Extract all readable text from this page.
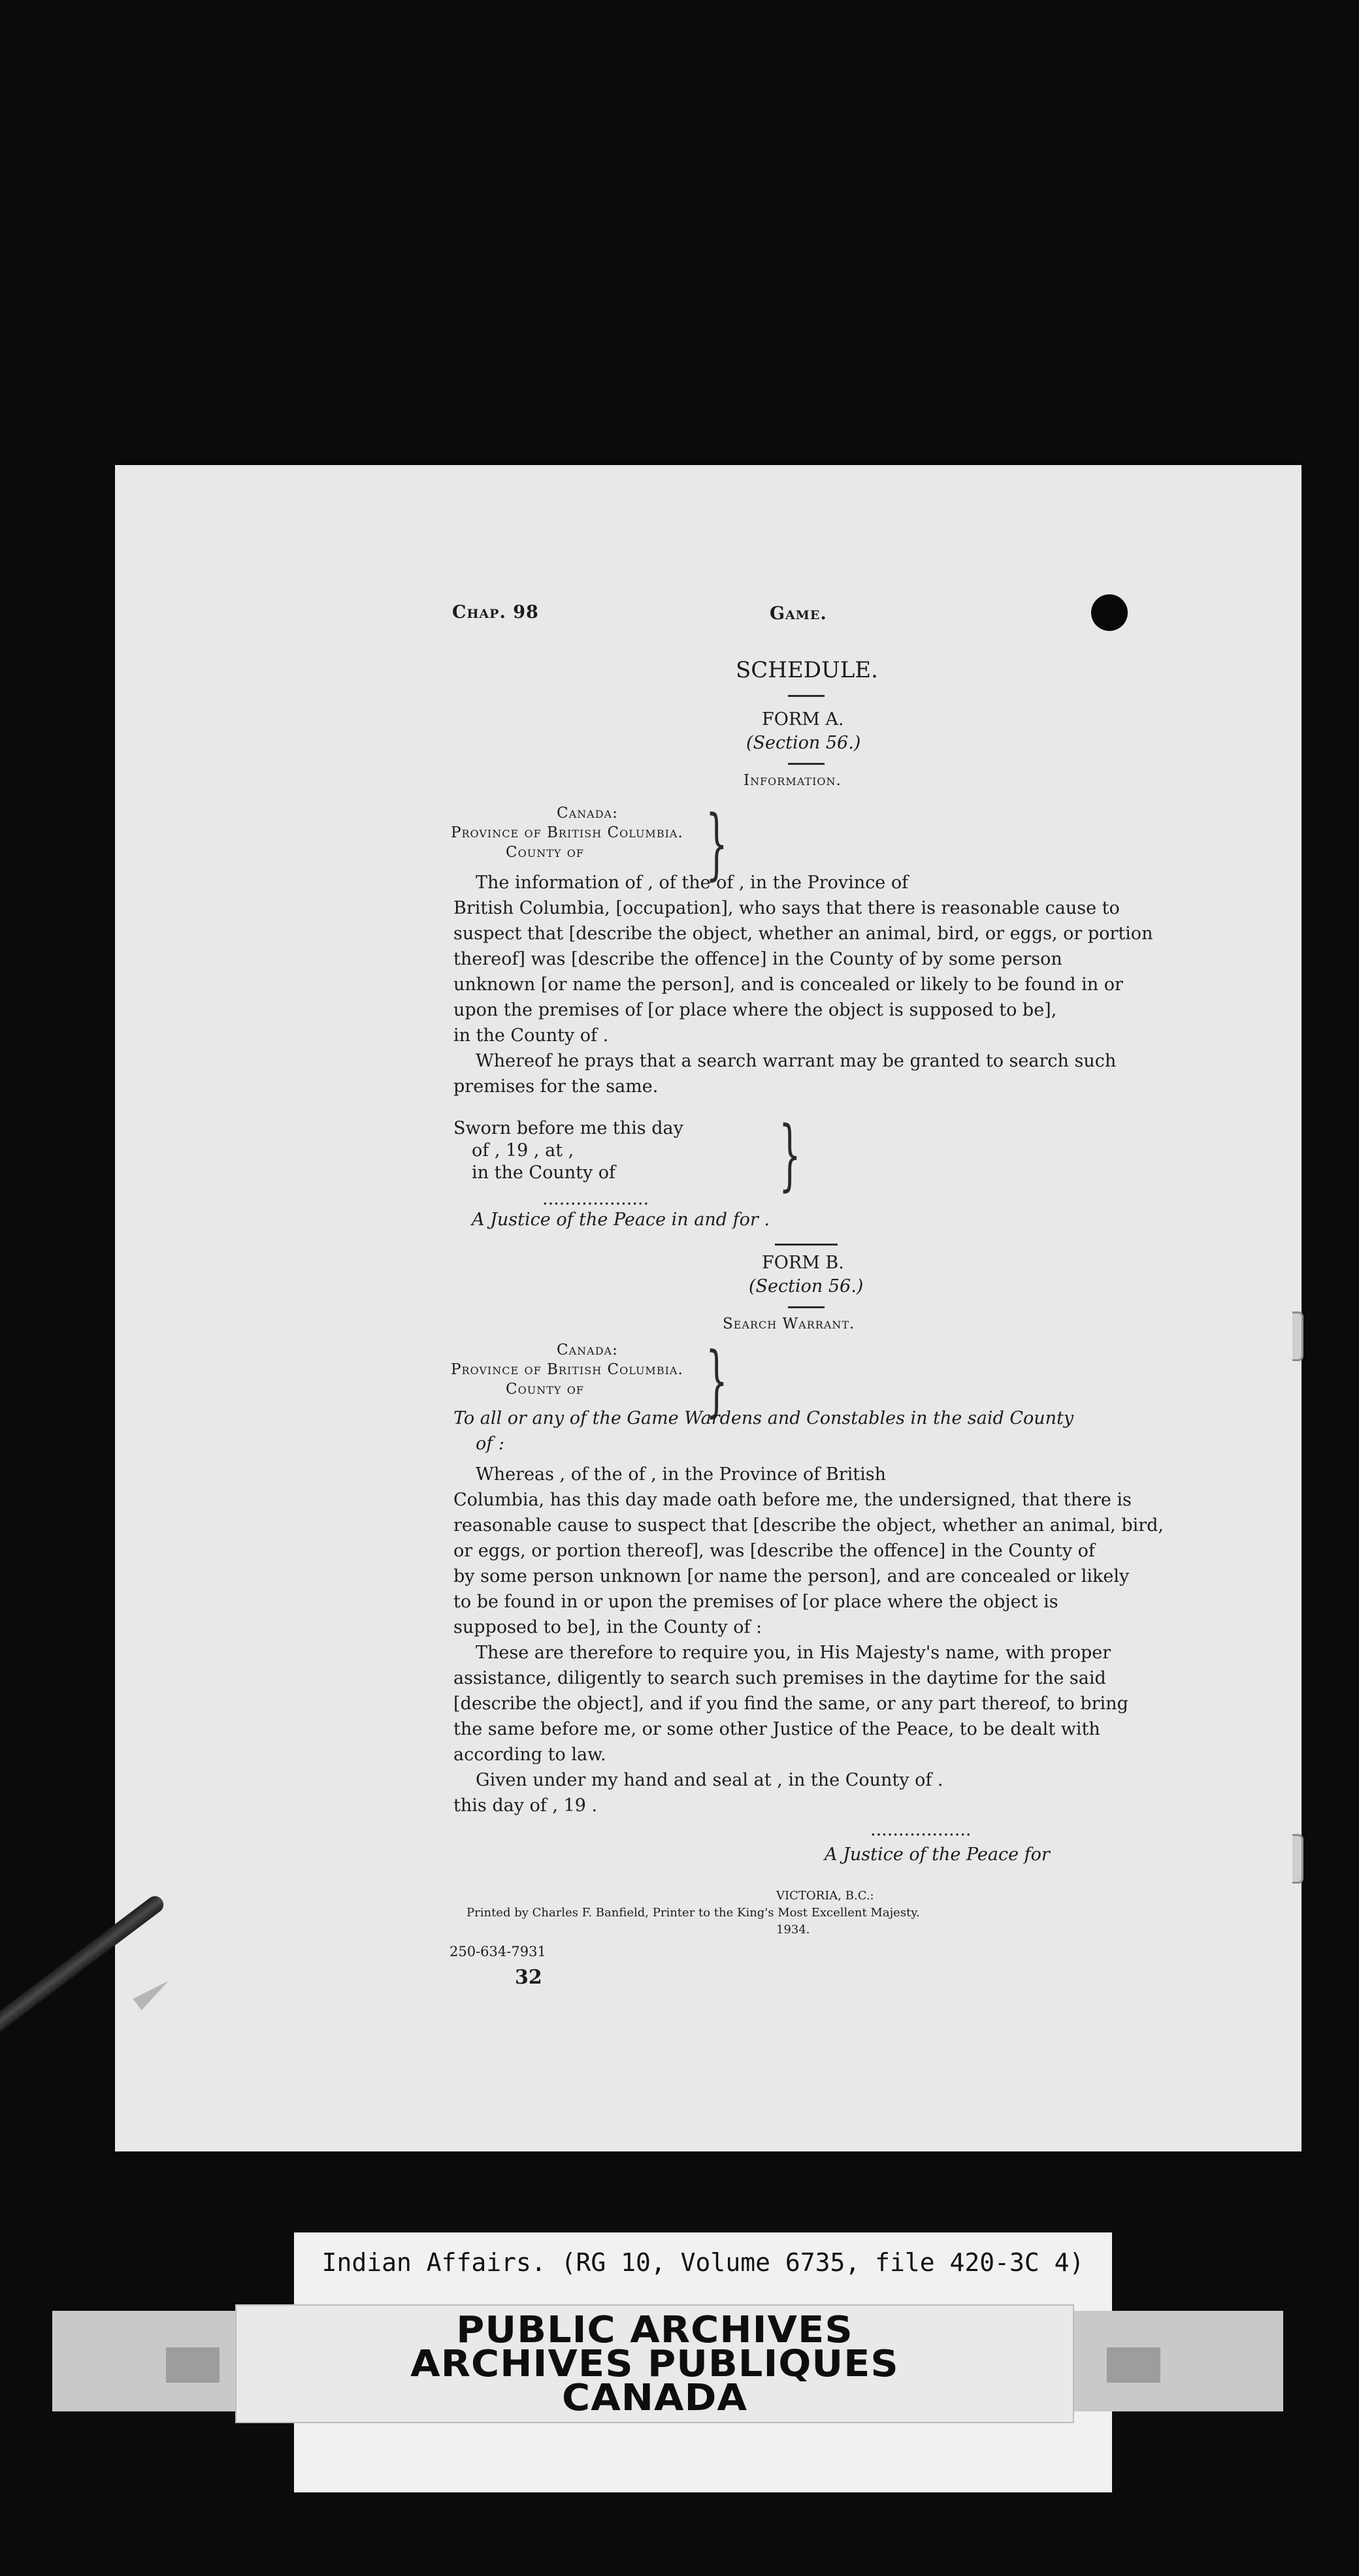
Chap. 98	Game.
SCHEDULE.
FORM A.
(Section 56.)
Information.
Canada:
Province of British Columbia.
County of }
The information of , of the of , in the Province of
British Columbia, [occupation], who says that there is reasonable cause to
suspect that [describe the object, whether an animal, bird, or eggs, or portion
thereof] was [describe the offence] in the County of by some person
unknown [or name the person], and is concealed or likely to be found in or
upon the premises of [or place where the object is supposed to be],
in the County of .
Whereof he prays that a search warrant may be granted to search such
premises for the same.
Sworn before me this day
of , 19 , at ,
in the County of }
...................
A Justice of the Peace in and for .
FORM B.
(Section 56.)
Search Warrant.
Canada:
Province of British Columbia.
County of }
To all or any of the Game Wardens and Constables in the said County
of :
Whereas , of the of , in the Province of British
Columbia, has this day made oath before me, the undersigned, that there is
reasonable cause to suspect that [describe the object, whether an animal, bird,
or eggs, or portion thereof], was [describe the offence] in the County of
by some person unknown [or name the person], and are concealed or likely
to be found in or upon the premises of [or place where the object is
supposed to be], in the County of :
These are therefore to require you, in His Majesty's name, with proper
assistance, diligently to search such premises in the daytime for the said
[describe the object], and if you find the same, or any part thereof, to bring
the same before me, or some other Justice of the Peace, to be dealt with
according to law.
Given under my hand and seal at , in the County of .
this day of , 19 .
..................
A Justice of the Peace for
VICTORIA, B.C.:
Printed by Charles F. Banfield, Printer to the King's Most Excellent Majesty.
1934.
250-634-7931
32
Indian Affairs. (RG 10, Volume 6735, file 420-3C 4)
PUBLIC ARCHIVES
ARCHIVES PUBLIQUES
CANADA
